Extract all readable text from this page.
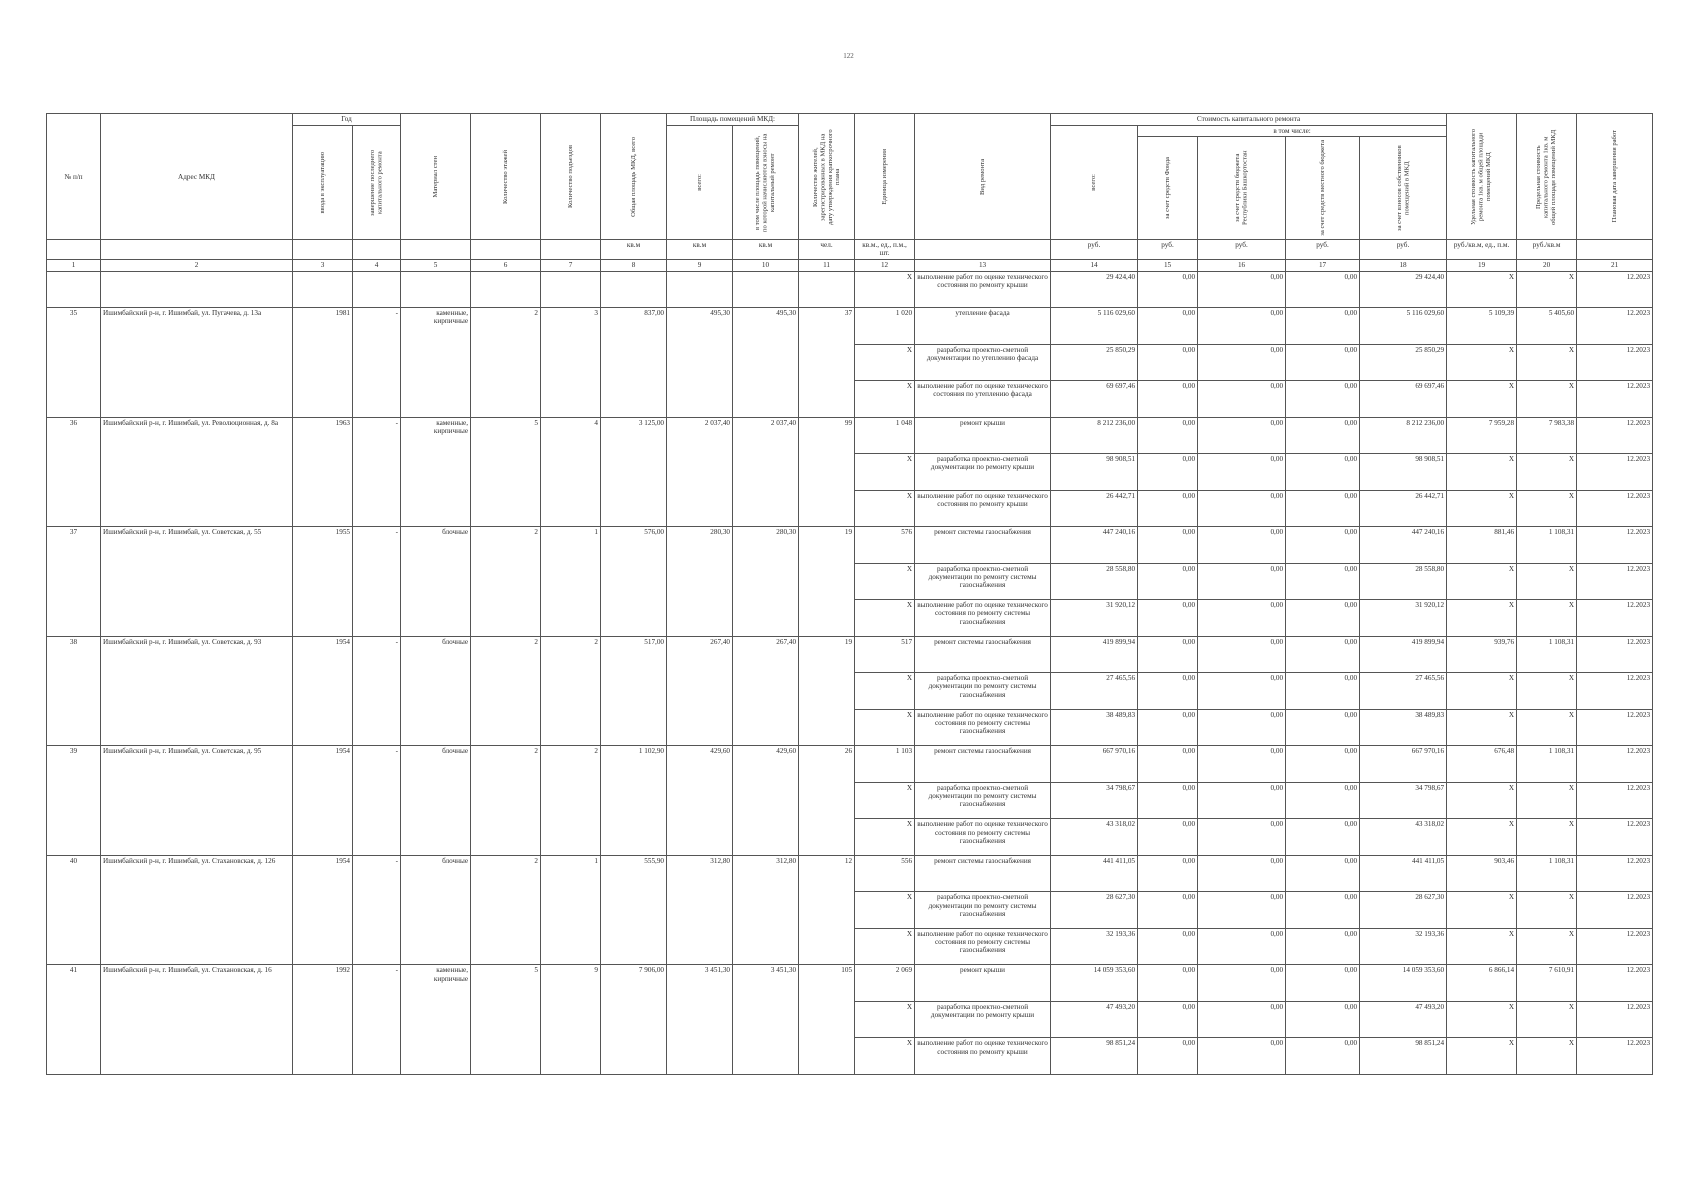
122
№ п/п	Адрес МКД	Год		Материал стен	Количество этажей	Количество подъездов	Общая площадь МКД, всего	Площадь помещений МКД:		Количество жителей, зарегистрированных в МКД на дату утверждения краткосрочного плана	Единица измерения	Вид ремонта	Стоимость капитального ремонта					Удельная стоимость капитального ремонта 1кв. м общей площади помещений МКД	Предельная стоимость капитального ремонта 1кв. м общей площади помещений МКД	Плановая дата завершения работ

		ввода в эксплуатацию	завершение последнего капитального ремонта					всего:	в том числе площадь помещений, по которой начисляются взносы на капитальный ремонт				всего:	в том числе:						

														за счет средств Фонда	за счет средств бюджета Республики Башкортостан	за счет средств местного бюджета	за счет взносов собственников помещений в МКД			

							кв.м	кв.м	кв.м	чел.	кв.м., ед., п.м., шт.		руб.	руб.	руб.	руб.	руб.	руб./кв.м, ед., п.м.	руб./кв.м	
1	2	3	4	5	6	7	8	9	10	11	12	13	14	15	16	17	18	19	20	21
											X	выполнение работ по оценке технического состояния по ремонту крыши	29 424,40	0,00	0,00	0,00	29 424,40	X	X	12.2023
35	Ишимбайский р-н, г. Ишимбай, ул. Пугачева, д. 13а	1981	-	каменные, кирпичные	2	3	837,00	495,30	495,30	37	1 020	утепление фасада	5 116 029,60	0,00	0,00	0,00	5 116 029,60	5 109,39	5 405,60	12.2023
											X	разработка проектно-сметной документации по утеплению фасада	25 850,29	0,00	0,00	0,00	25 850,29	X	X	12.2023
											X	выполнение работ по оценке технического состояния по утеплению фасада	69 697,46	0,00	0,00	0,00	69 697,46	X	X	12.2023
36	Ишимбайский р-н, г. Ишимбай, ул. Революционная, д. 8а	1963	-	каменные, кирпичные	5	4	3 125,00	2 037,40	2 037,40	99	1 048	ремонт крыши	8 212 236,00	0,00	0,00	0,00	8 212 236,00	7 959,28	7 983,38	12.2023
											X	разработка проектно-сметной документации по ремонту крыши	98 908,51	0,00	0,00	0,00	98 908,51	X	X	12.2023
											X	выполнение работ по оценке технического состояния по ремонту крыши	26 442,71	0,00	0,00	0,00	26 442,71	X	X	12.2023
37	Ишимбайский р-н, г. Ишимбай, ул. Советская, д. 55	1955	-	блочные	2	1	576,00	280,30	280,30	19	576	ремонт системы газоснабжения	447 240,16	0,00	0,00	0,00	447 240,16	881,46	1 108,31	12.2023
											X	разработка проектно-сметной документации по ремонту системы газоснабжения	28 558,80	0,00	0,00	0,00	28 558,80	X	X	12.2023
											X	выполнение работ по оценке технического состояния по ремонту системы газоснабжения	31 920,12	0,00	0,00	0,00	31 920,12	X	X	12.2023
38	Ишимбайский р-н, г. Ишимбай, ул. Советская, д. 93	1954	-	блочные	2	2	517,00	267,40	267,40	19	517	ремонт системы газоснабжения	419 899,94	0,00	0,00	0,00	419 899,94	939,76	1 108,31	12.2023
											X	разработка проектно-сметной документации по ремонту системы газоснабжения	27 465,56	0,00	0,00	0,00	27 465,56	X	X	12.2023
											X	выполнение работ по оценке технического состояния по ремонту системы газоснабжения	38 489,83	0,00	0,00	0,00	38 489,83	X	X	12.2023
39	Ишимбайский р-н, г. Ишимбай, ул. Советская, д. 95	1954	-	блочные	2	2	1 102,90	429,60	429,60	26	1 103	ремонт системы газоснабжения	667 970,16	0,00	0,00	0,00	667 970,16	676,48	1 108,31	12.2023
											X	разработка проектно-сметной документации по ремонту системы газоснабжения	34 798,67	0,00	0,00	0,00	34 798,67	X	X	12.2023
											X	выполнение работ по оценке технического состояния по ремонту системы газоснабжения	43 318,02	0,00	0,00	0,00	43 318,02	X	X	12.2023
40	Ишимбайский р-н, г. Ишимбай, ул. Стахановская, д. 126	1954	-	блочные	2	1	555,90	312,80	312,80	12	556	ремонт системы газоснабжения	441 411,05	0,00	0,00	0,00	441 411,05	903,46	1 108,31	12.2023
											X	разработка проектно-сметной документации по ремонту системы газоснабжения	28 627,30	0,00	0,00	0,00	28 627,30	X	X	12.2023
											X	выполнение работ по оценке технического состояния по ремонту системы газоснабжения	32 193,36	0,00	0,00	0,00	32 193,36	X	X	12.2023
41	Ишимбайский р-н, г. Ишимбай, ул. Стахановская, д. 16	1992	-	каменные, кирпичные	5	9	7 906,00	3 451,30	3 451,30	105	2 069	ремонт крыши	14 059 353,60	0,00	0,00	0,00	14 059 353,60	6 866,14	7 610,91	12.2023
											X	разработка проектно-сметной документации по ремонту крыши	47 493,20	0,00	0,00	0,00	47 493,20	X	X	12.2023
											X	выполнение работ по оценке технического состояния по ремонту крыши	98 851,24	0,00	0,00	0,00	98 851,24	X	X	12.2023
